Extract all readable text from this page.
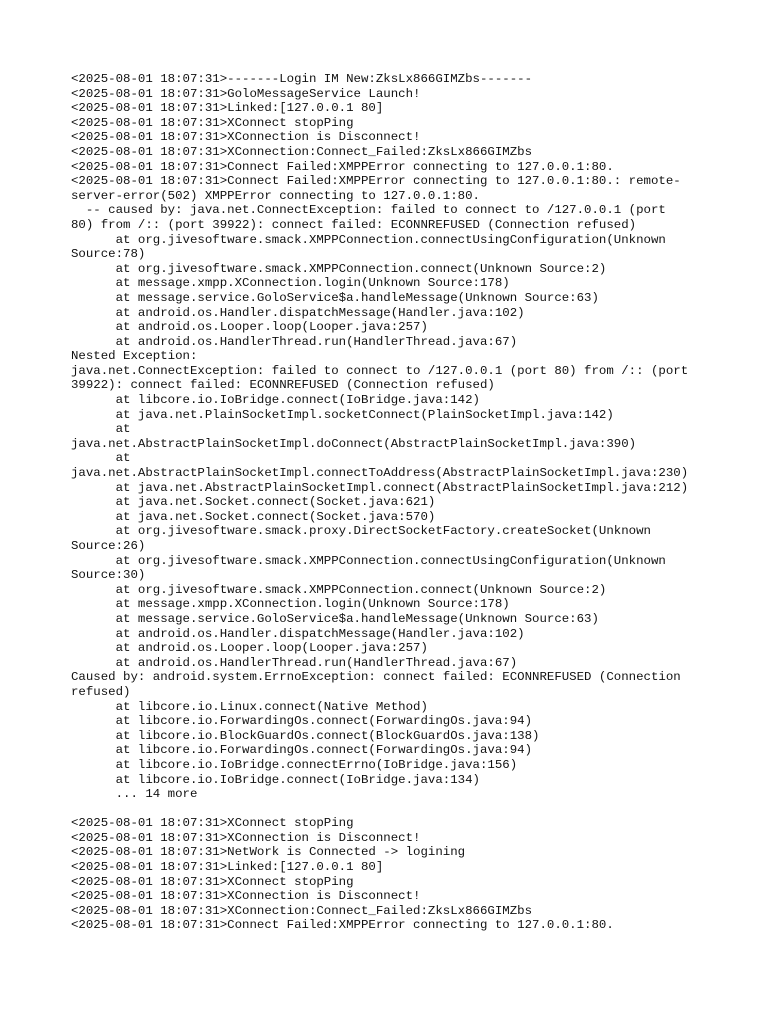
<2025-08-01 18:07:31>-------Login IM New:ZksLx866GIMZbs-------
<2025-08-01 18:07:31>GoloMessageService Launch!
<2025-08-01 18:07:31>Linked:[127.0.0.1 80]
<2025-08-01 18:07:31>XConnect stopPing
<2025-08-01 18:07:31>XConnection is Disconnect!
<2025-08-01 18:07:31>XConnection:Connect_Failed:ZksLx866GIMZbs
<2025-08-01 18:07:31>Connect Failed:XMPPError connecting to 127.0.0.1:80.
<2025-08-01 18:07:31>Connect Failed:XMPPError connecting to 127.0.0.1:80.: remote-
server-error(502) XMPPError connecting to 127.0.0.1:80.
-- caused by: java.net.ConnectException: failed to connect to /127.0.0.1 (port
80) from /:: (port 39922): connect failed: ECONNREFUSED (Connection refused)
at org.jivesoftware.smack.XMPPConnection.connectUsingConfiguration(Unknown
Source:78)
at org.jivesoftware.smack.XMPPConnection.connect(Unknown Source:2)
at message.xmpp.XConnection.login(Unknown Source:178)
at message.service.GoloService$a.handleMessage(Unknown Source:63)
at android.os.Handler.dispatchMessage(Handler.java:102)
at android.os.Looper.loop(Looper.java:257)
at android.os.HandlerThread.run(HandlerThread.java:67)
Nested Exception:
java.net.ConnectException: failed to connect to /127.0.0.1 (port 80) from /:: (port
39922): connect failed: ECONNREFUSED (Connection refused)
at libcore.io.IoBridge.connect(IoBridge.java:142)
at java.net.PlainSocketImpl.socketConnect(PlainSocketImpl.java:142)
at
java.net.AbstractPlainSocketImpl.doConnect(AbstractPlainSocketImpl.java:390)
at
java.net.AbstractPlainSocketImpl.connectToAddress(AbstractPlainSocketImpl.java:230)
at java.net.AbstractPlainSocketImpl.connect(AbstractPlainSocketImpl.java:212)
at java.net.Socket.connect(Socket.java:621)
at java.net.Socket.connect(Socket.java:570)
at org.jivesoftware.smack.proxy.DirectSocketFactory.createSocket(Unknown
Source:26)
at org.jivesoftware.smack.XMPPConnection.connectUsingConfiguration(Unknown
Source:30)
at org.jivesoftware.smack.XMPPConnection.connect(Unknown Source:2)
at message.xmpp.XConnection.login(Unknown Source:178)
at message.service.GoloService$a.handleMessage(Unknown Source:63)
at android.os.Handler.dispatchMessage(Handler.java:102)
at android.os.Looper.loop(Looper.java:257)
at android.os.HandlerThread.run(HandlerThread.java:67)
Caused by: android.system.ErrnoException: connect failed: ECONNREFUSED (Connection
refused)
at libcore.io.Linux.connect(Native Method)
at libcore.io.ForwardingOs.connect(ForwardingOs.java:94)
at libcore.io.BlockGuardOs.connect(BlockGuardOs.java:138)
at libcore.io.ForwardingOs.connect(ForwardingOs.java:94)
at libcore.io.IoBridge.connectErrno(IoBridge.java:156)
at libcore.io.IoBridge.connect(IoBridge.java:134)
... 14 more
<2025-08-01 18:07:31>XConnect stopPing
<2025-08-01 18:07:31>XConnection is Disconnect!
<2025-08-01 18:07:31>NetWork is Connected -> logining
<2025-08-01 18:07:31>Linked:[127.0.0.1 80]
<2025-08-01 18:07:31>XConnect stopPing
<2025-08-01 18:07:31>XConnection is Disconnect!
<2025-08-01 18:07:31>XConnection:Connect_Failed:ZksLx866GIMZbs
<2025-08-01 18:07:31>Connect Failed:XMPPError connecting to 127.0.0.1:80.
